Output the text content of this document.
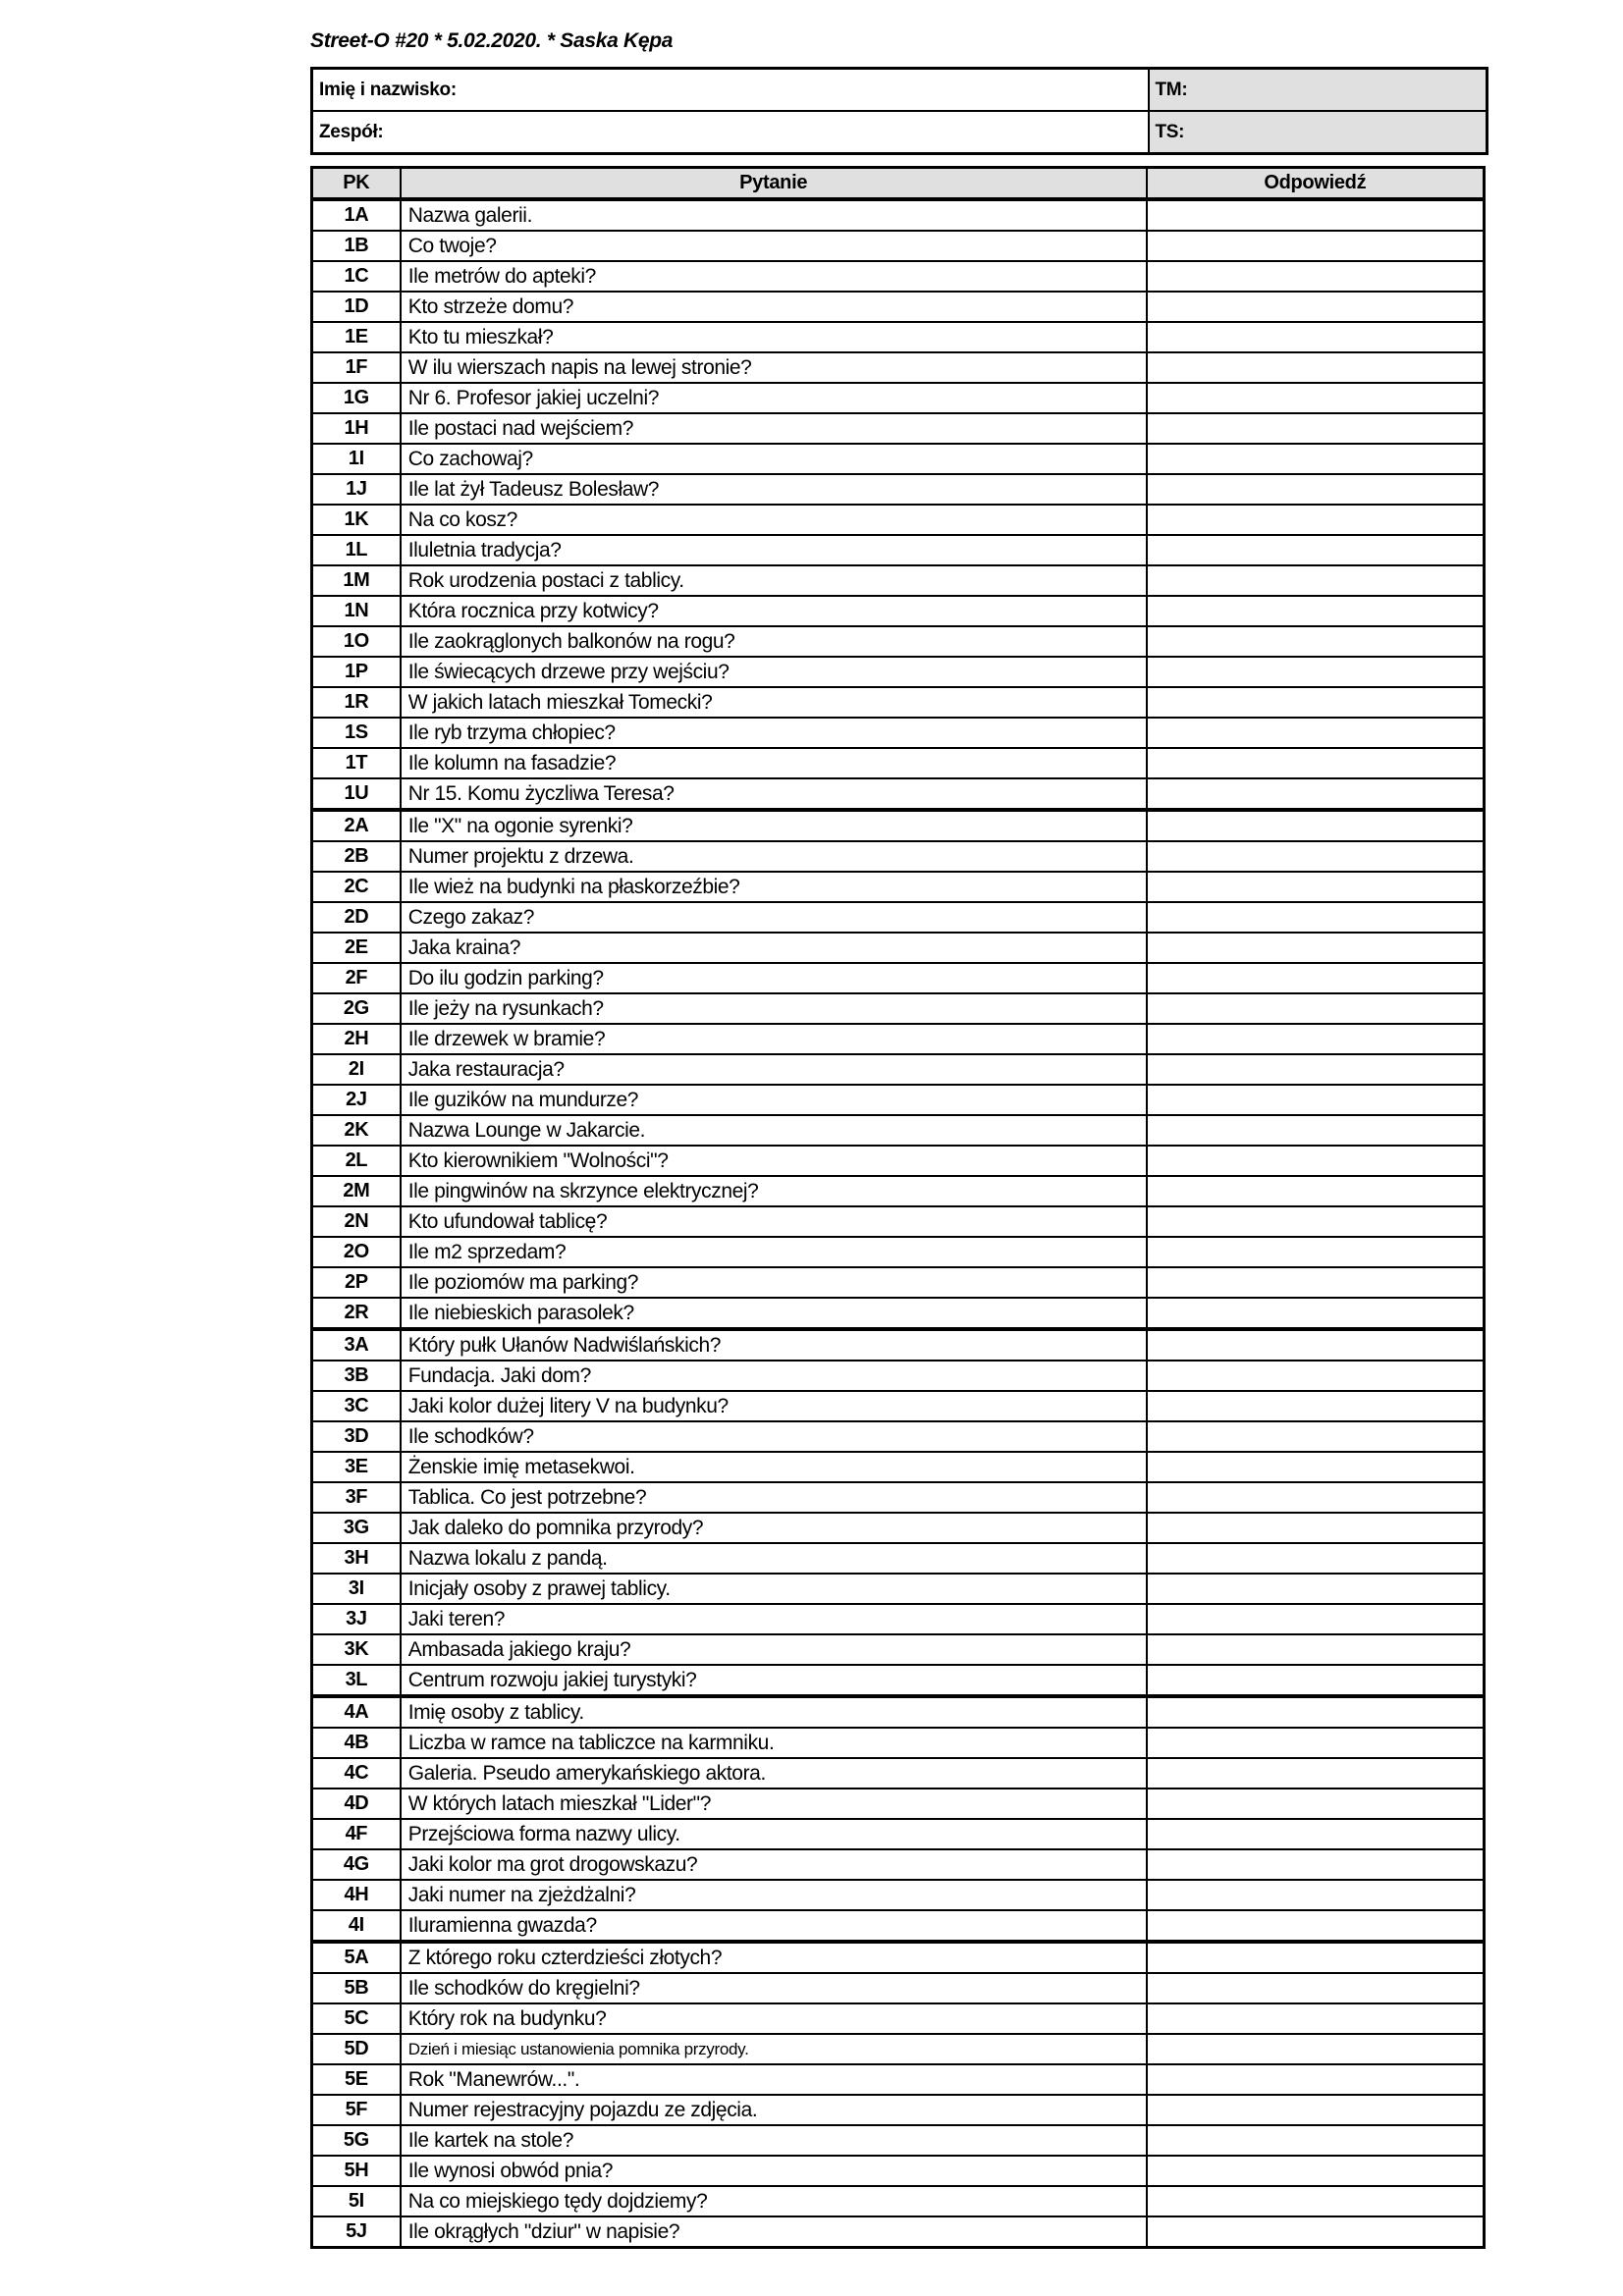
Street-O #20 * 5.02.2020. * Saska Kępa
Imię i nazwisko:	TM:
Zespół:	TS:
PK	Pytanie	Odpowiedź
1A	Nazwa galerii.	
1B	Co twoje?	
1C	Ile metrów do apteki?	
1D	Kto strzeże domu?	
1E	Kto tu mieszkał?	
1F	W ilu wierszach napis na lewej stronie?	
1G	Nr 6. Profesor jakiej uczelni?	
1H	Ile postaci nad wejściem?	
1I	Co zachowaj?	
1J	Ile lat żył Tadeusz Bolesław?	
1K	Na co kosz?	
1L	Iluletnia tradycja?	
1M	Rok urodzenia postaci z tablicy.	
1N	Która rocznica przy kotwicy?	
1O	Ile zaokrąglonych balkonów na rogu?	
1P	Ile świecących drzewe przy wejściu?	
1R	W jakich latach mieszkał Tomecki?	
1S	Ile ryb trzyma chłopiec?	
1T	Ile kolumn na fasadzie?	
1U	Nr 15. Komu życzliwa Teresa?	
2A	Ile "X" na ogonie syrenki?	
2B	Numer projektu z drzewa.	
2C	Ile wież na budynki na płaskorzeźbie?	
2D	Czego zakaz?	
2E	Jaka kraina?	
2F	Do ilu godzin parking?	
2G	Ile jeży na rysunkach?	
2H	Ile drzewek w bramie?	
2I	Jaka restauracja?	
2J	Ile guzików na mundurze?	
2K	Nazwa Lounge w Jakarcie.	
2L	Kto kierownikiem "Wolności"?	
2M	Ile pingwinów na skrzynce elektrycznej?	
2N	Kto ufundował tablicę?	
2O	Ile m2 sprzedam?	
2P	Ile poziomów ma parking?	
2R	Ile niebieskich parasolek?	
3A	Który pułk Ułanów Nadwiślańskich?	
3B	Fundacja. Jaki dom?	
3C	Jaki kolor dużej litery V na budynku?	
3D	Ile schodków?	
3E	Żenskie imię metasekwoi.	
3F	Tablica. Co jest potrzebne?	
3G	Jak daleko do pomnika przyrody?	
3H	Nazwa lokalu z pandą.	
3I	Inicjały osoby z prawej tablicy.	
3J	Jaki teren?	
3K	Ambasada jakiego kraju?	
3L	Centrum rozwoju jakiej turystyki?	
4A	Imię osoby z tablicy.	
4B	Liczba w ramce na tabliczce na karmniku.	
4C	Galeria. Pseudo amerykańskiego aktora.	
4D	W których latach mieszkał "Lider"?	
4F	Przejściowa forma nazwy ulicy.	
4G	Jaki kolor ma grot drogowskazu?	
4H	Jaki numer na zjeżdżalni?	
4I	Iluramienna gwazda?	
5A	Z którego roku czterdzieści złotych?	
5B	Ile schodków do kręgielni?	
5C	Który rok na budynku?	
5D	Dzień i miesiąc ustanowienia pomnika przyrody.	
5E	Rok "Manewrów...".	
5F	Numer rejestracyjny pojazdu ze zdjęcia.	
5G	Ile kartek na stole?	
5H	Ile wynosi obwód pnia?	
5I	Na co miejskiego tędy dojdziemy?	
5J	Ile okrągłych "dziur" w napisie?	
